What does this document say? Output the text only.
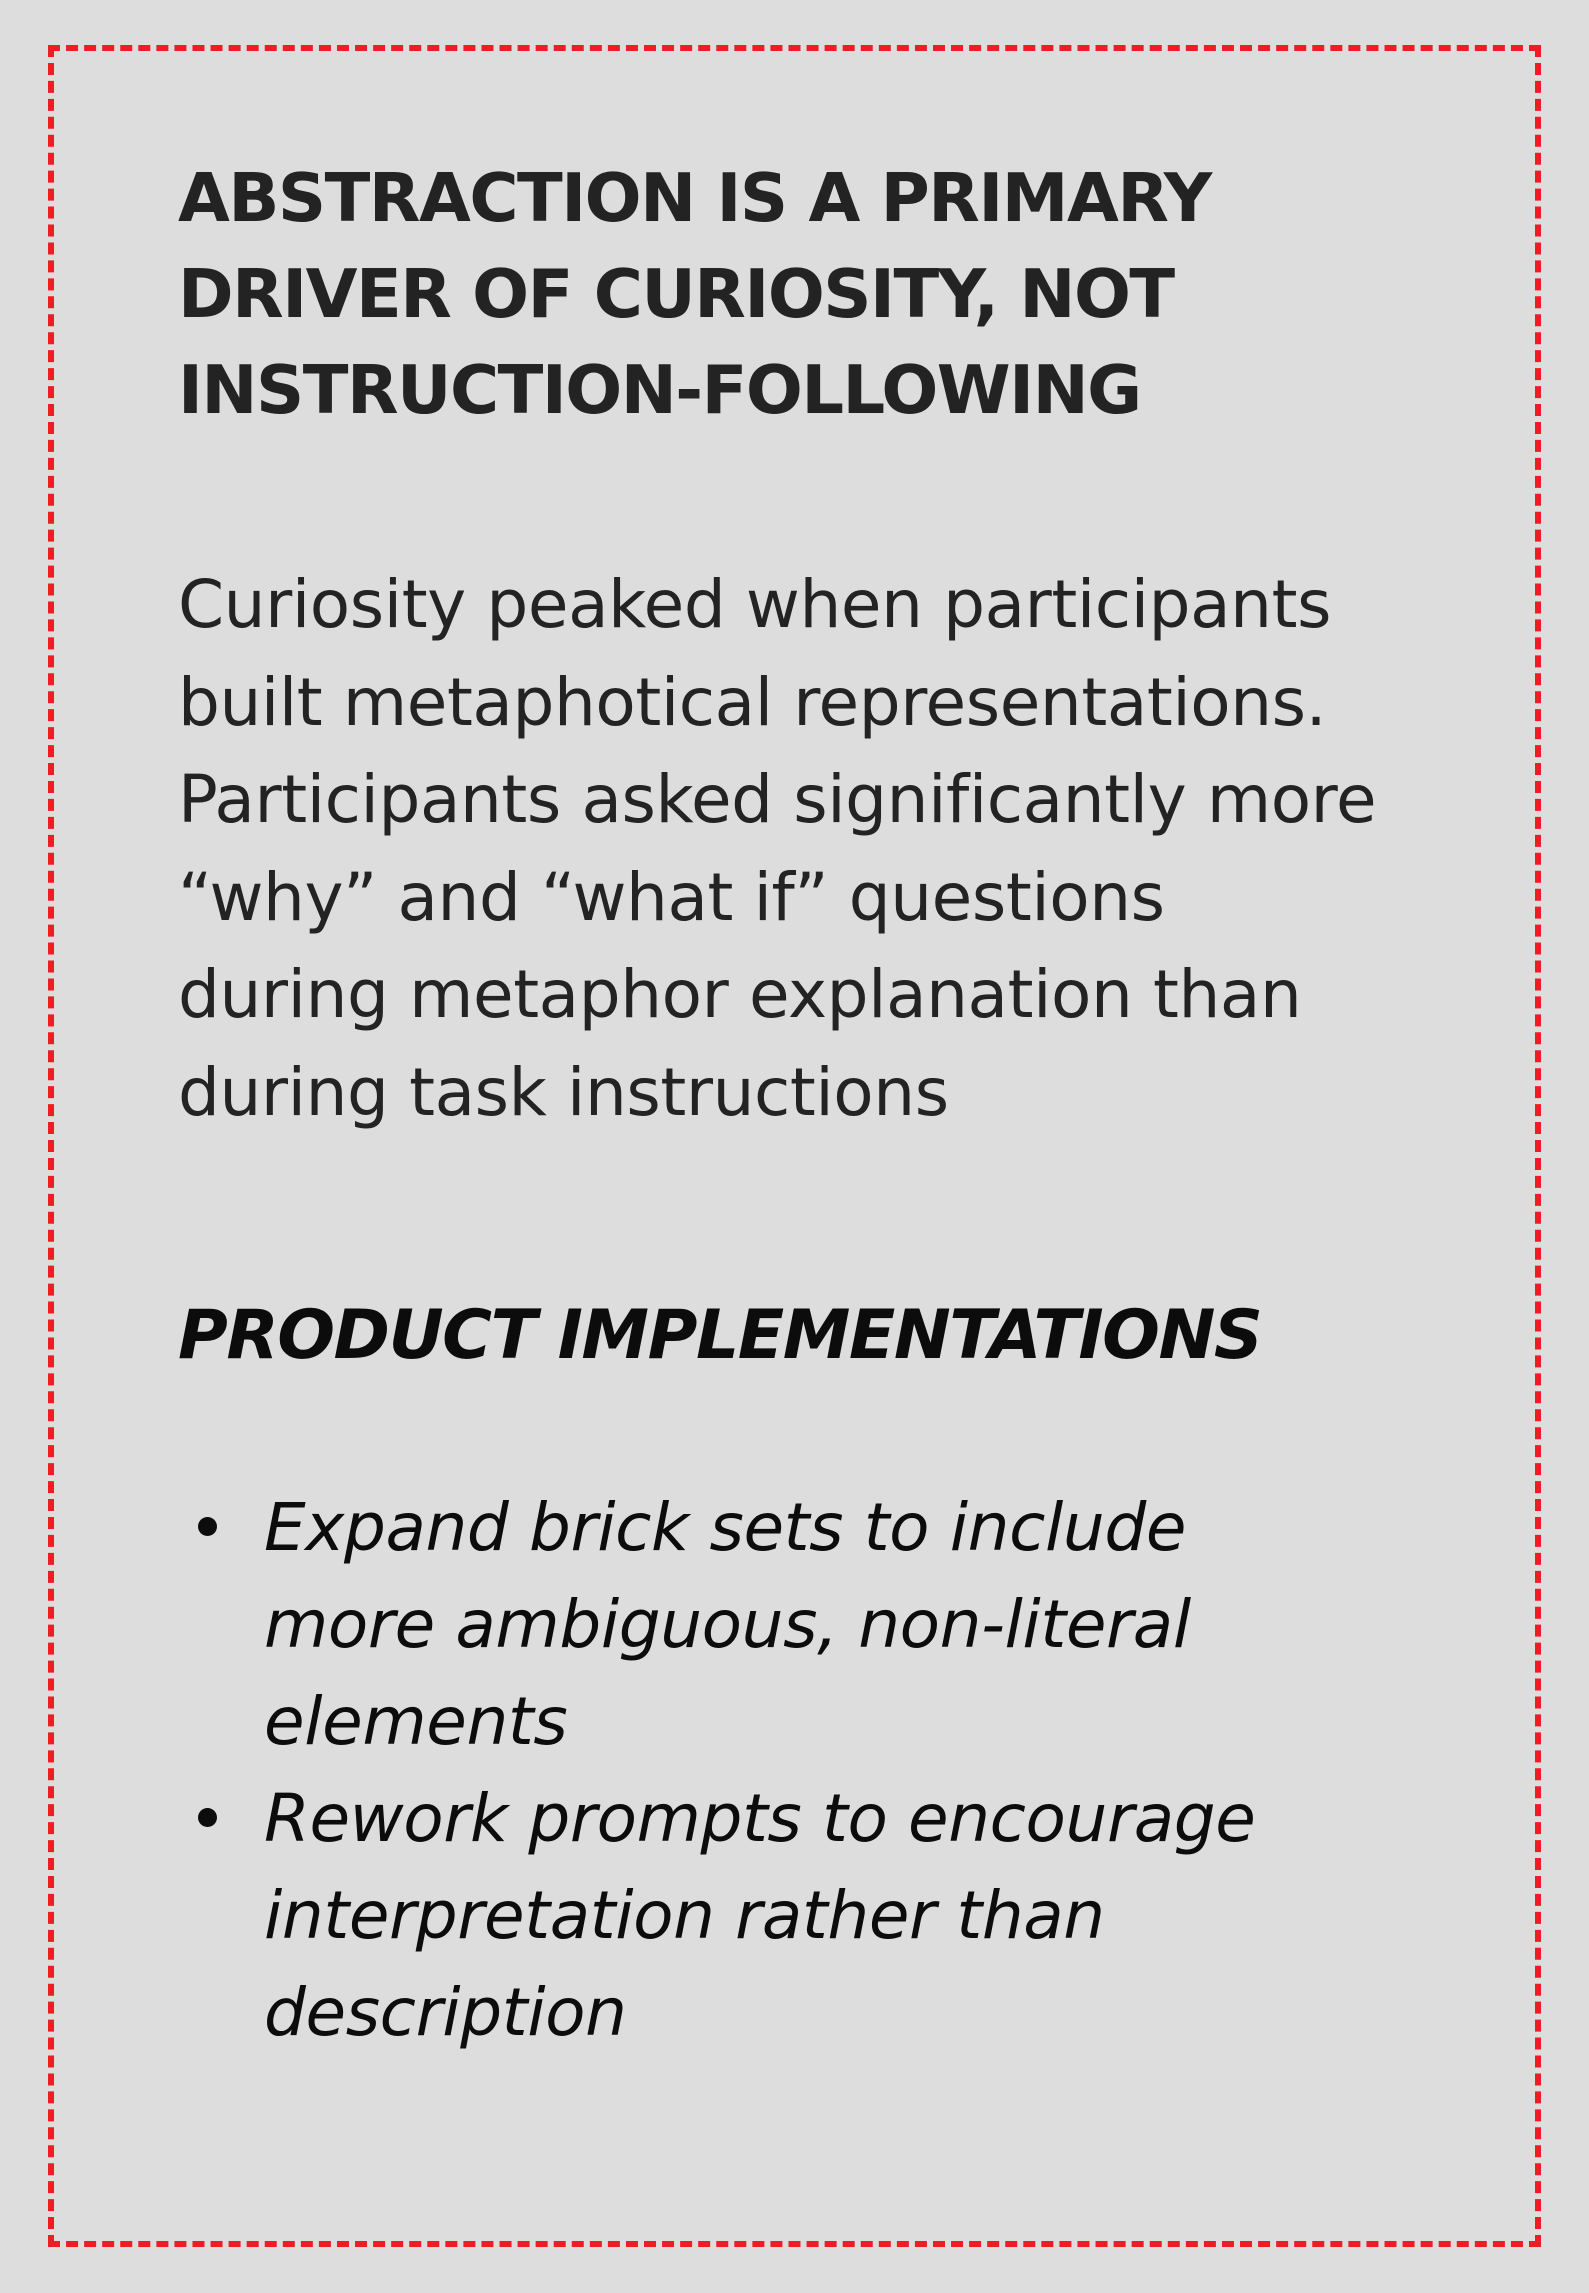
ABSTRACTION IS A PRIMARY DRIVER OF CURIOSITY, NOT INSTRUCTION-FOLLOWING

Curiosity peaked when participants built metaphotical representations. Participants asked significantly more “why” and “what if” questions during metaphor explanation than during task instructions

PRODUCT IMPLEMENTATIONS
Expand brick sets to include more ambiguous, non-literal elements
Rework prompts to encourage interpretation rather than description
